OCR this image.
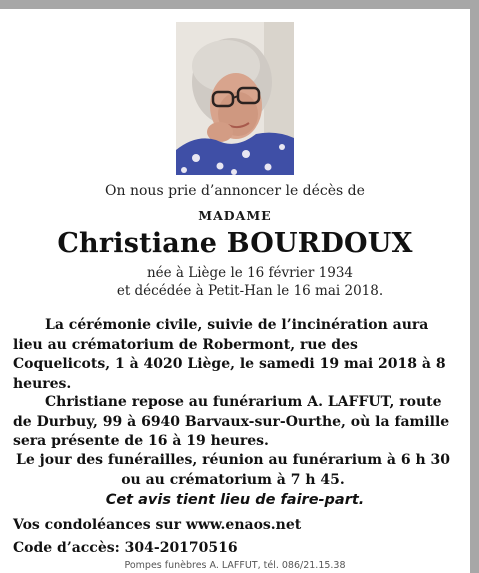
On nous prie d’annoncer le décès de
MADAME
Christiane BOURDOUX
née à Liège le 16 février 1934
et décédée à Petit-Han le 16 mai 2018.
La cérémonie civile, suivie de l’incinération aura lieu au crématorium de Robermont, rue des Coquelicots, 1 à 4020 Liège, le samedi 19 mai 2018 à 8 heures.
Christiane repose au funérarium A. LAFFUT, route de Durbuy, 99 à 6940 Barvaux-sur-Ourthe, où la famille sera présente de 16 à 19 heures.
Le jour des funérailles, réunion au funérarium à 6 h 30 ou au crématorium à 7 h 45.
Cet avis tient lieu de faire-part.
Vos condoléances sur www.enaos.net
Code d’accès: 304-20170516
Pompes funèbres A. LAFFUT, tél. 086/21.15.38
